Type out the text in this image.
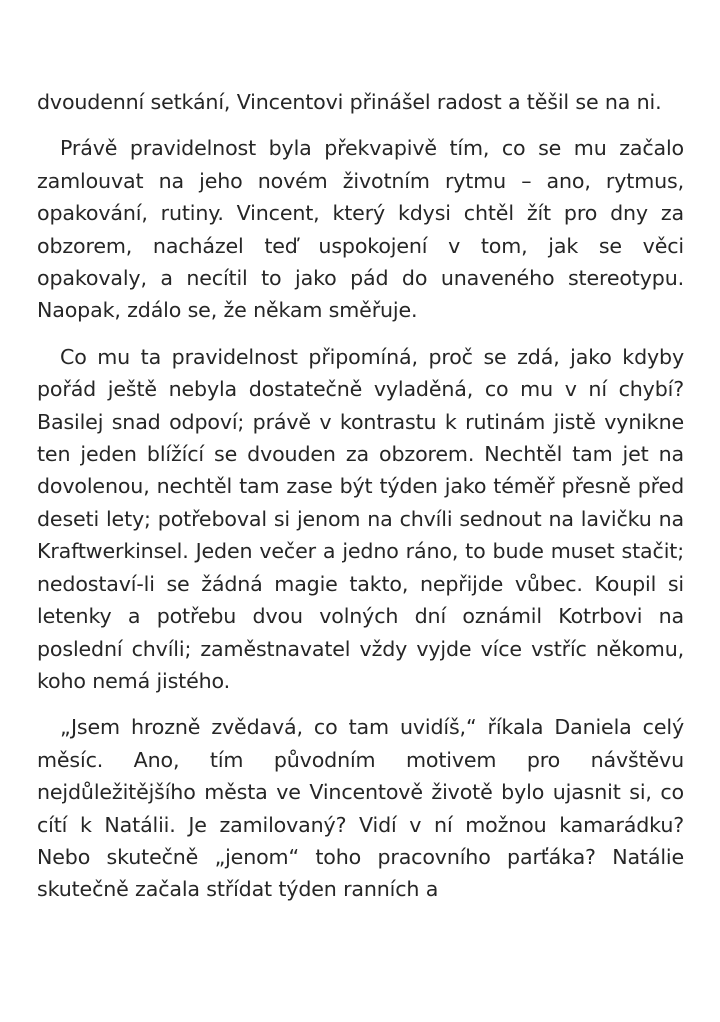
dvoudenní setkání, Vincentovi přinášel radost a těšil se na ni.

Právě pravidelnost byla překvapivě tím, co se mu začalo zamlouvat na jeho novém životním rytmu – ano, rytmus, opakování, rutiny. Vincent, který kdysi chtěl žít pro dny za obzorem, nacházel teď uspokojení v tom, jak se věci opakovaly, a necítil to jako pád do unaveného stereotypu. Naopak, zdálo se, že někam směřuje.

Co mu ta pravidelnost připomíná, proč se zdá, jako kdyby pořád ještě nebyla dostatečně vyladěná, co mu v ní chybí? Basilej snad odpoví; právě v kontrastu k rutinám jistě vynikne ten jeden blížící se dvouden za obzorem. Nechtěl tam jet na dovolenou, nechtěl tam zase být týden jako téměř přesně před deseti lety; potřeboval si jenom na chvíli sednout na lavičku na Kraftwerkinsel. Jeden večer a jedno ráno, to bude muset stačit; nedostaví-li se žádná magie takto, nepřijde vůbec. Koupil si letenky a potřebu dvou volných dní oznámil Kotrbovi na poslední chvíli; zaměstnavatel vždy vyjde více vstříc někomu, koho nemá jistého.

„Jsem hrozně zvědavá, co tam uvidíš,“ říkala Daniela celý měsíc. Ano, tím původním motivem pro návštěvu nejdůležitějšího města ve Vincentově životě bylo ujasnit si, co cítí k Natálii. Je zamilovaný? Vidí v ní možnou kamarádku? Nebo skutečně „jenom“ toho pracovního parťáka? Natálie skutečně začala střídat týden ranních a
